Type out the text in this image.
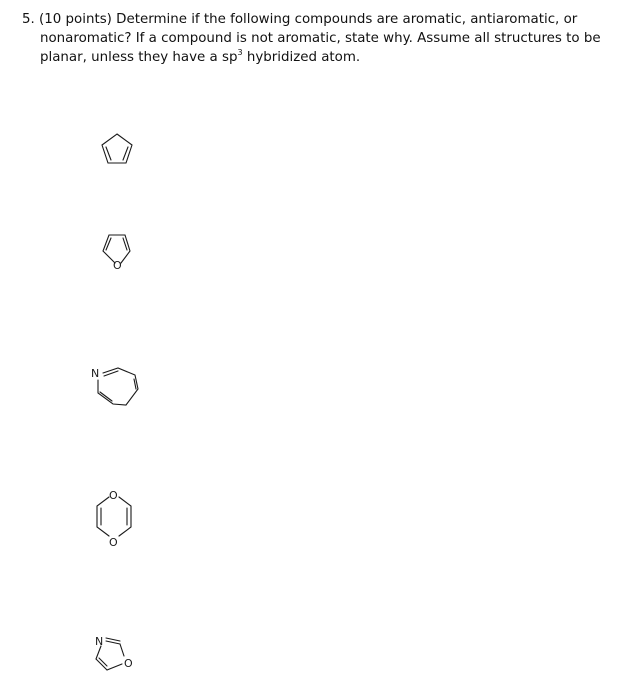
5. (10 points) Determine if the following compounds are aromatic, antiaromatic, or
nonaromatic? If a compound is not aromatic, state why. Assume all structures to be
planar, unless they have a $sp^3$ hybridized atom.
O
N
O
O
N
O
